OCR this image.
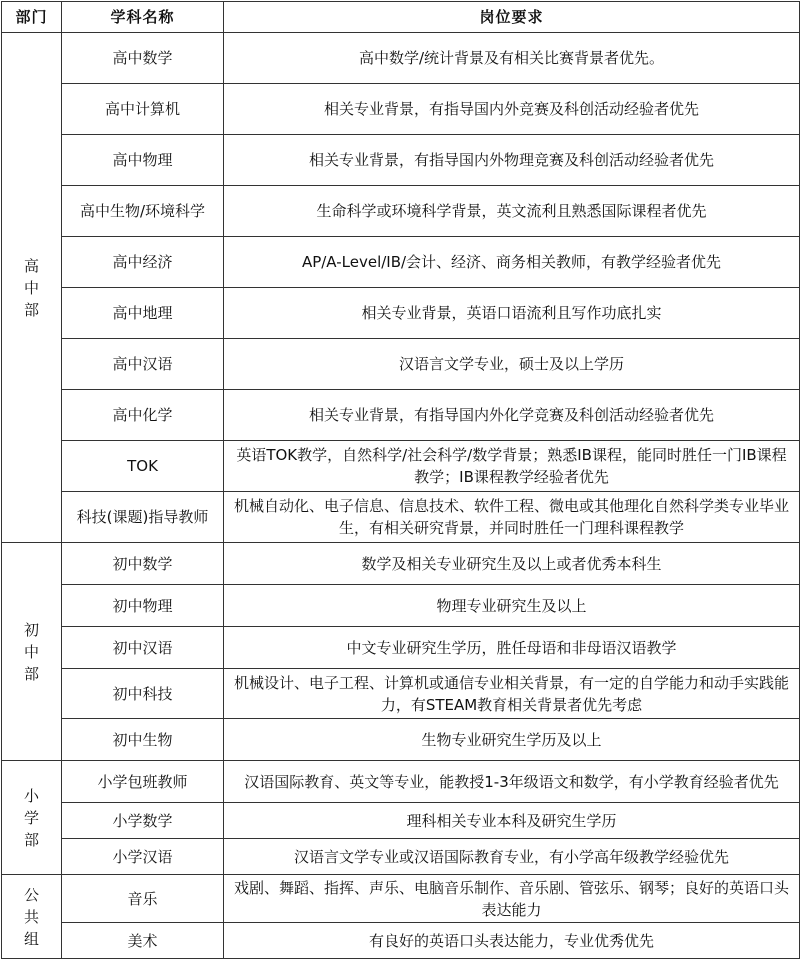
部门	学科名称	岗位要求
高中部	高中数学	高中数学/统计背景及有相关比赛背景者优先。
	高中计算机	相关专业背景，有指导国内外竞赛及科创活动经验者优先
	高中物理	相关专业背景，有指导国内外物理竞赛及科创活动经验者优先
	高中生物/环境科学	生命科学或环境科学背景，英文流利且熟悉国际课程者优先
	高中经济	AP/A-Level/IB/会计、经济、商务相关教师，有教学经验者优先
	高中地理	相关专业背景，英语口语流利且写作功底扎实
	高中汉语	汉语言文学专业，硕士及以上学历
	高中化学	相关专业背景，有指导国内外化学竞赛及科创活动经验者优先
	TOK	英语TOK教学，自然科学/社会科学/数学背景；熟悉IB课程，能同时胜任一门IB课程教学；IB课程教学经验者优先
	科技(课题)指导教师	机械自动化、电子信息、信息技术、软件工程、微电或其他理化自然科学类专业毕业生，有相关研究背景，并同时胜任一门理科课程教学
初中部	初中数学	数学及相关专业研究生及以上或者优秀本科生
	初中物理	物理专业研究生及以上
	初中汉语	中文专业研究生学历，胜任母语和非母语汉语教学
	初中科技	机械设计、电子工程、计算机或通信专业相关背景，有一定的自学能力和动手实践能力，有STEAM教育相关背景者优先考虑
	初中生物	生物专业研究生学历及以上
小学部	小学包班教师	汉语国际教育、英文等专业，能教授1-3年级语文和数学，有小学教育经验者优先
	小学数学	理科相关专业本科及研究生学历
	小学汉语	汉语言文学专业或汉语国际教育专业，有小学高年级教学经验优先
公共组	音乐	戏剧、舞蹈、指挥、声乐、电脑音乐制作、音乐剧、管弦乐、钢琴；良好的英语口头表达能力
	美术	有良好的英语口头表达能力，专业优秀优先
